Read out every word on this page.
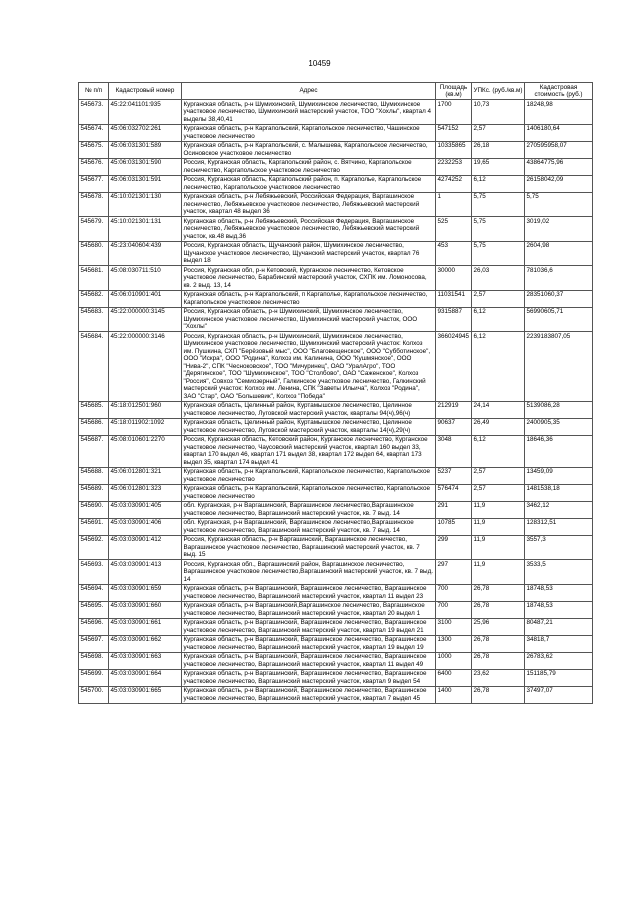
10459
№ п/п	Кадастровый номер	Адрес	Площадь (кв.м)	УПКс. (руб./кв.м)	Кадастровая стоимость (руб.)
545673.	45:22:041101:935	Курганская область, р-н Шумихинский, Шумихинское лесничество, Шумихинское участковое лесничество, Шумихинский мастерский участок, ТОО "Хохлы", квартал 4 выделы 38,40,41	1700	10,73	18248,98
545674.	45:06:032702:261	Курганская область, р-н Каргапольский, Каргапольское лесничество, Чашинское участковое лесничество	547152	2,57	1406180,64
545675.	45:06:031301:589	Курганская область, р-н Каргапольский, с. Малышева, Каргапольское лесничество, Осиновское участковое лесничество	10335865	26,18	270595958,07
545676.	45:06:031301:590	Россия, Курганская область, Каргапольский район, с. Вятчино, Каргапольское лесничество, Каргапольское участковое лесничество	2232253	19,65	43864775,96
545677.	45:06:031301:591	Россия, Курганская область, Каргапольский район, п. Каргаполье, Каргапольское лесничество, Каргапольское участковое лесничество	4274252	6,12	26158042,09
545678.	45:10:021301:130	Курганская область, р-н Лебяжьевский, Российская Федерация, Варгашинское лесничество, Лебяжьевское участковое лесничество, Лебяжьевский мастерский участок, квартал 48 выдел 36	1	5,75	5,75
545679.	45:10:021301:131	Курганская область, р-н Лебяжьевский, Российская Федерация, Варгашинское лесничество, Лебяжьевское участковое лесничество, Лебяжьевский мастерский участок, кв.48 выд.36	525	5,75	3019,02
545680.	45:23:040604:439	Россия, Курганская область, Щучанский район, Шумихинское лесничество, Щучанское участковое лесничество, Щучанский мастерский участок, квартал 76 выдел 18	453	5,75	2604,98
545681.	45:08:030711:510	Россия, Курганская обл, р-н Кетовский, Курганское лесничество, Кетовское участковое лесничество, Барабинский мастерский участок, СХПК им. Ломоносова, кв. 2 выд. 13, 14	30000	26,03	781036,6
545682.	45:06:010901:401	Курганская область, р-н Каргапольский, п Каргаполье, Каргапольское лесничество, Каргапольское участковое лесничество	11031541	2,57	28351060,37
545683.	45:22:000000:3145	Россия, Курганская область, р-н Шумихинский, Шумихинское лесничество, Шумихинское участковое лесничество, Шумихинский мастерский участок, ООО "Хохлы"	9315887	6,12	56990605,71
545684.	45:22:000000:3146	Россия, Курганская область, р-н Шумихинский, Шумихинское лесничество, Шумихинское участковое лесничество, Шумихинский мастерский участок: Колхоз им. Пушкина, СХП "Берёзовый мыс", ООО "Благовещенское", ООО "Субботинское", ООО "Искра", ООО "Родина", Колхоз им. Калинина, ООО "Кушмянское", ООО "Нива-2", СПК "Чесноковское", ТОО "Мичуринец", ОАО "УралАгро", ТОО "Дерягинское", ТОО "Шумихинское", ТОО "Столбово", ОАО "Саженское", Колхоз "Россия", Совхоз "Семиозерный", Галкинское участковое лесничество, Галкинский мастерский участок: Колхоз им. Ленина, СПК "Заветы Ильича", Колхоз "Родина", ЗАО "Стар", ОАО "Большевик", Колхоз "Победа"	366024945	6,12	2239183807,05
545685.	45:18:012501:960	Курганская область, Целинный район, Куртамышское лесничество, Целинное участковое лесничество, Луговской мастерский участок, кварталы 94(ч),96(ч)	212919	24,14	5139086,28
545686.	45:18:011902:1092	Курганская область, Целинный район, Куртамышское лесничество, Целинное участковое лесничество, Луговской мастерский участок, кварталы 14(ч),29(ч)	90637	26,49	2400905,35
545687.	45:08:010601:2270	Россия, Курганская область, Кетовский район, Курганское лесничество, Курганское участковое лесничество, Чаусовский мастерский участок, квартал 160 выдел 33, квартал 170 выдел 46, квартал 171 выдел 38, квартал 172 выдел 64, квартал 173 выдел 35, квартал 174 выдел 41	3048	6,12	18646,36
545688.	45:06:012801:321	Курганская область, р-н Каргапольский, Каргапольское лесничество, Каргапольское участковое лесничество	5237	2,57	13459,09
545689.	45:06:012801:323	Курганская область, р-н Каргапольский, Каргапольское лесничество, Каргапольское участковое лесничество	576474	2,57	1481538,18
545690.	45:03:030901:405	обл. Курганская, р-н Варгашинский, Варгашинское лесничество,Варгашинское участковое лесничество, Варгашинский мастерский участок, кв. 7 выд. 14	291	11,9	3462,12
545691.	45:03:030901:406	обл. Курганская, р-н Варгашинский, Варгашинское лесничество,Варгашинское участковое лесничество, Варгашинский мастерский участок, кв. 7 выд. 14	10785	11,9	128312,51
545692.	45:03:030901:412	Россия, Курганская область, р-н Варгашинский, Варгашинское лесничество, Варгашинское участковое лесничество, Варгашинский мастерский участок, кв. 7 выд. 15	299	11,9	3557,3
545693.	45:03:030901:413	Россия, Курганская обл., Варгашинский район, Варгашинское лесничество, Варгашинское участковое лесничество,Варгашинский мастерский участок, кв. 7 выд. 14	297	11,9	3533,5
545694.	45:03:030901:659	Курганская область, р-н Варгашинский, Варгашинское лесничество, Варгашинское участковое лесничество, Варгашинский мастерский участок, квартал 11 выдел 23	700	26,78	18748,53
545695.	45:03:030901:660	Курганская область, р-н Варгашинский,Варгашинское лесничество, Варгашинское участковое лесничество, Варгашинский мастерский участок, квартал 20 выдел 1	700	26,78	18748,53
545696.	45:03:030901:661	Курганская область, р-н Варгашинский, Варгашинское лесничество, Варгашинское участковое лесничество, Варгашинский мастерский участок, квартал 19 выдел 21	3100	25,96	80487,21
545697.	45:03:030901:662	Курганская область, р-н Варгашинский, Варгашинское лесничество, Варгашинское участковое лесничество, Варгашинский мастерский участок, квартал 19 выдел 19	1300	26,78	34818,7
545698.	45:03:030901:663	Курганская область, р-н Варгашинский, Варгашинское лесничество, Варгашинское участковое лесничество, Варгашинский мастерский участок, квартал 11 выдел 49	1000	26,78	26783,62
545699.	45:03:030901:664	Курганская область, р-н Варгашинский, Варгашинское лесничество, Варгашинское участковое лесничество, Варгашинский мастерский участок, квартал 9 выдел 54	6400	23,62	151185,79
545700.	45:03:030901:665	Курганская область, р-н Варгашинский, Варгашинское лесничество, Варгашинское участковое лесничество, Варгашинский мастерский участок, квартал 7 выдел 45	1400	26,78	37497,07
